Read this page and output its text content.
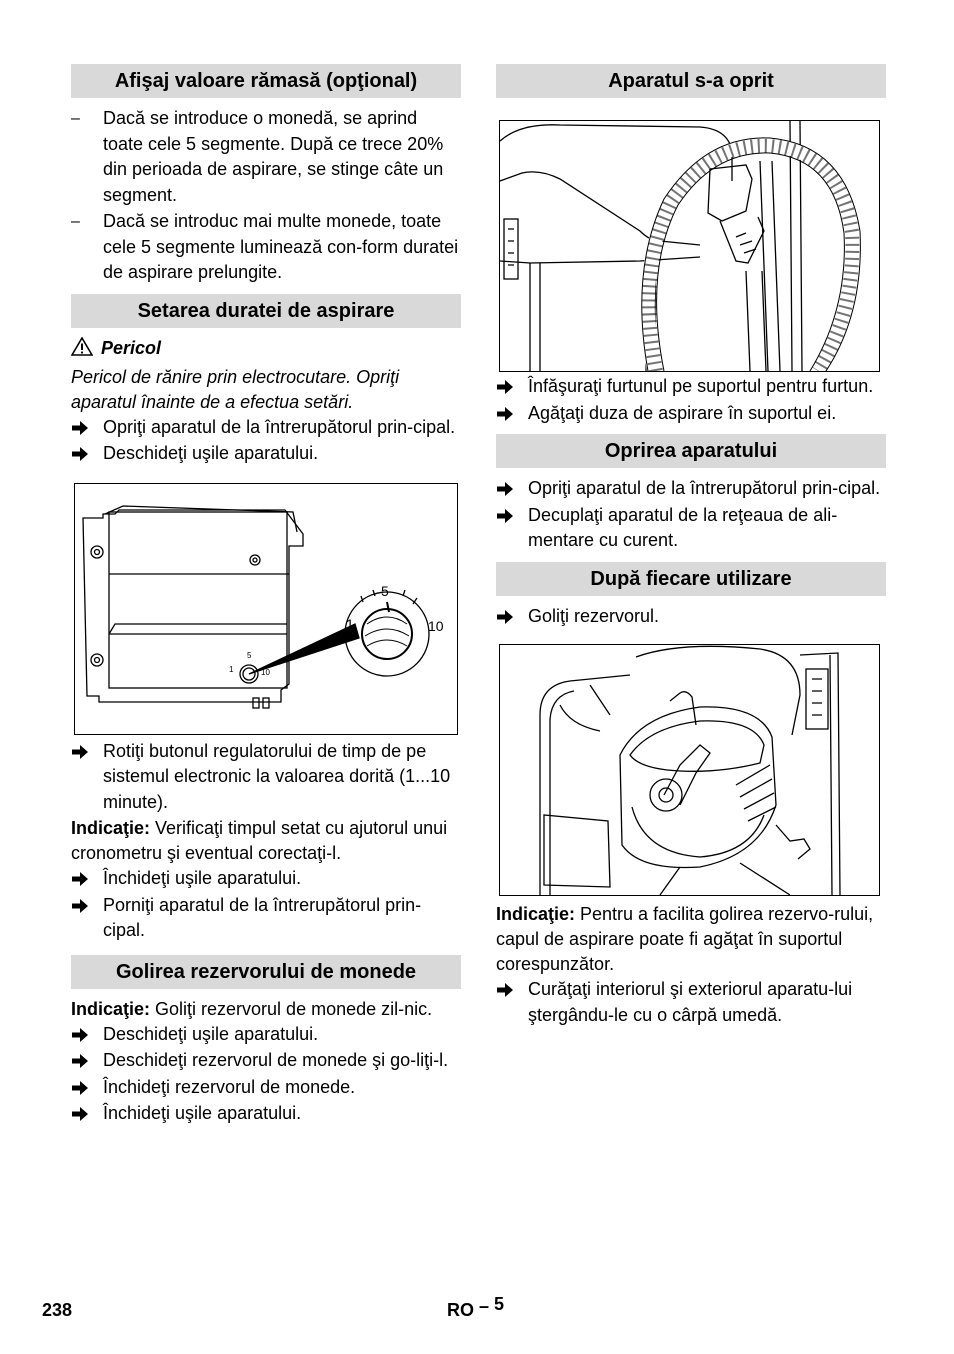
Afişaj valoare rămasă (opţional)
–	Dacă se introduce o monedă, se aprind toate cele 5 segmente. După ce trece 20% din perioada de aspirare, se stinge câte un segment.
–	Dacă se introduc mai multe monede, toate cele 5 segmente luminează con-form duratei de aspirare prelungite.
Setarea duratei de aspirare
Pericol
Pericol de rănire prin electrocutare. Opriţi aparatul înainte de a efectua setări.
Opriţi aparatul de la întrerupătorul prin-cipal.
Deschideţi uşile aparatului.
5
1	10
5
1	10
Rotiţi butonul regulatorului de timp de pe sistemul electronic la valoarea dorită (1...10 minute).
Indicaţie: Verificaţi timpul setat cu ajutorul unui cronometru şi eventual corectaţi-l.
Închideţi uşile aparatului.
Porniţi aparatul de la întrerupătorul prin-cipal.
Golirea rezervorului de monede
Indicaţie: Goliţi rezervorul de monede zil-nic.
Deschideţi uşile aparatului.
Deschideţi rezervorul de monede şi go-liţi-l.
Închideţi rezervorul de monede.
Închideţi uşile aparatului.
Aparatul s-a oprit
Înfăşuraţi furtunul pe suportul pentru furtun.
Agăţaţi duza de aspirare în suportul ei.
Oprirea aparatului
Opriţi aparatul de la întrerupătorul prin-cipal.
Decuplaţi aparatul de la reţeaua de ali-mentare cu curent.
După fiecare utilizare
Goliţi rezervorul.
Indicaţie: Pentru a facilita golirea rezervo-rului, capul de aspirare poate fi agăţat în suportul corespunzător.
Curăţaţi interiorul şi exteriorul aparatu-lui ştergându-le cu o cârpă umedă.
238	RO – 5
